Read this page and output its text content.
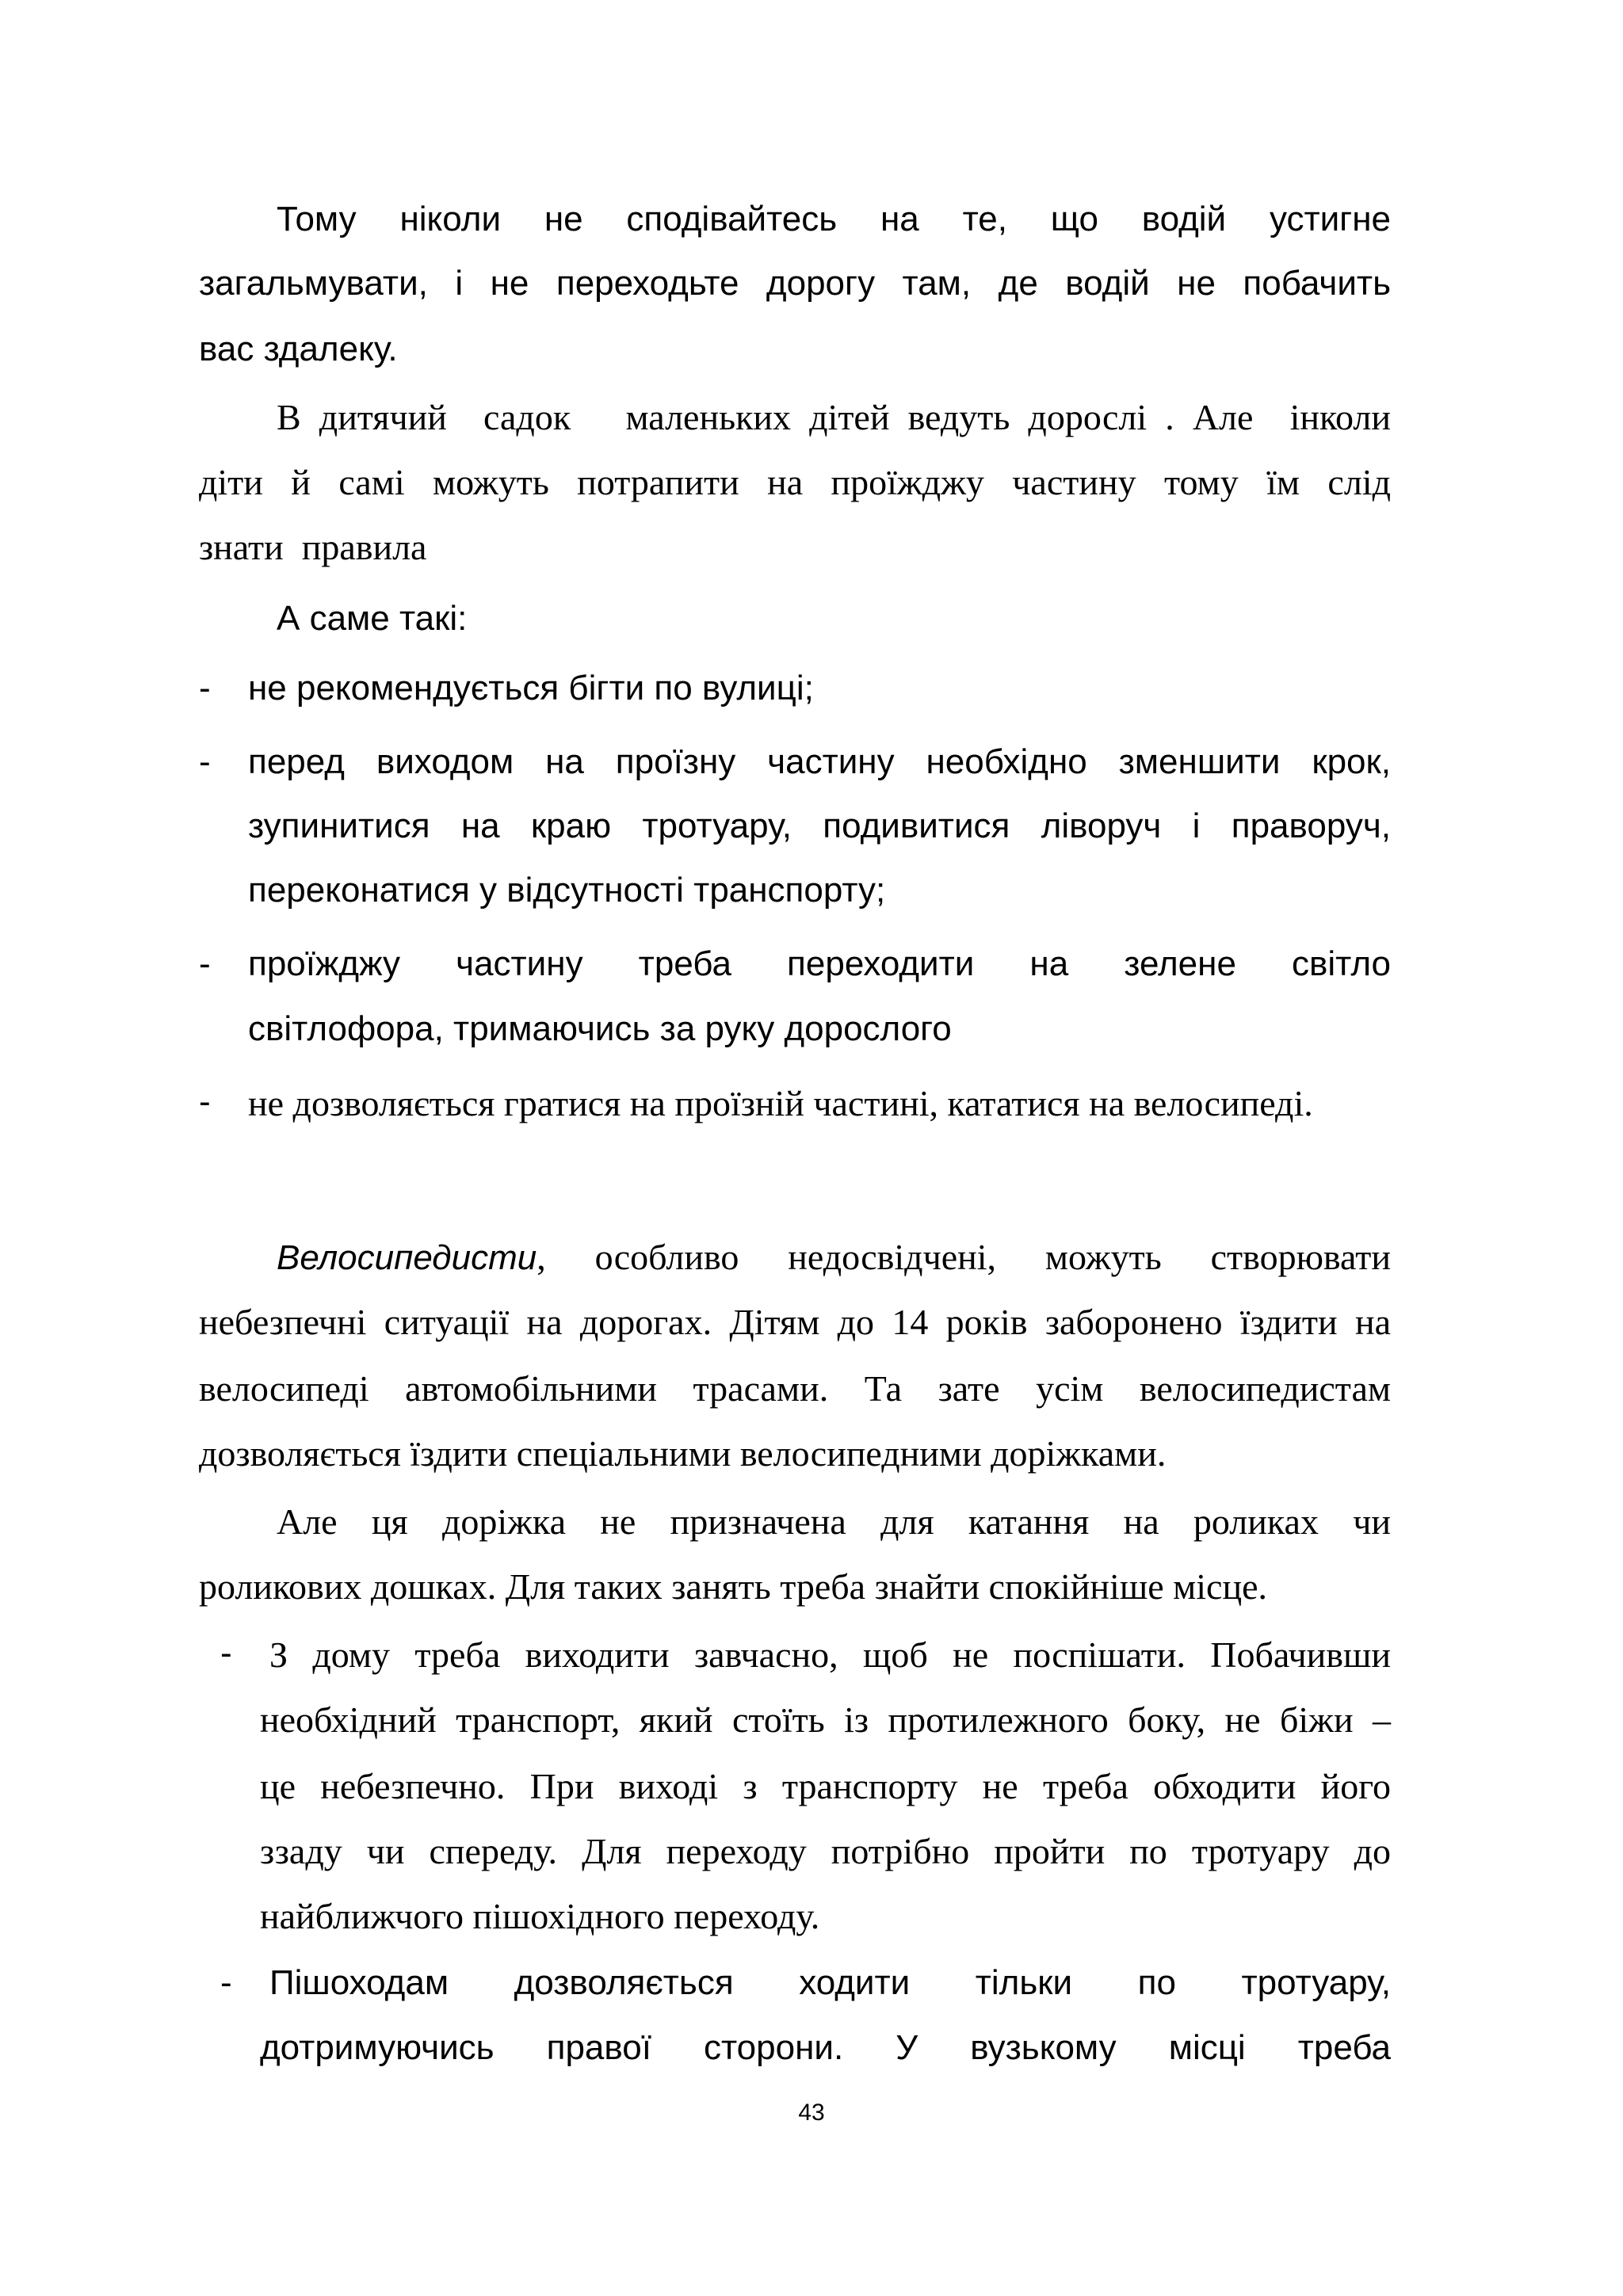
Тому ніколи не сподівайтесь на те, що водій устигне

загальмувати, і не переходьте дорогу там, де водій не побачить

вас здалеку.

В дитячий  садок   маленьких дітей ведуть дорослі . Але  інколи

діти й самі можуть потрапити на проїжджу частину тому їм слід

знати  правила

А саме такі:

- не рекомендується бігти по вулиці;

- перед виходом на проїзну частину необхідно зменшити крок,

зупинитися на краю тротуару, подивитися ліворуч і праворуч,

переконатися у відсутності транспорту;

- проїжджу частину треба переходити на зелене світло

світлофора, тримаючись за руку дорослого

- не дозволяється гратися на проїзній частині, кататися на велосипеді.

Велосипедисти, особливо недосвідчені, можуть створювати

небезпечні ситуації на дорогах. Дітям до 14 років заборонено їздити на

велосипеді автомобільними трасами. Та зате усім велосипедистам

дозволяється їздити спеціальними велосипедними доріжками.

Але ця доріжка не призначена для катання на роликах чи

роликових дошках. Для таких занять треба знайти спокійніше місце.

- З дому треба виходити завчасно, щоб не поспішати. Побачивши

необхідний транспорт, який стоїть із протилежного боку, не біжи –

це небезпечно. При виході з транспорту не треба обходити його

ззаду чи спереду. Для переходу потрібно пройти по тротуару до

найближчого пішохідного переходу.

- Пішоходам дозволяється ходити тільки по тротуару,

дотримуючись правої сторони. У вузькому місці треба

43
